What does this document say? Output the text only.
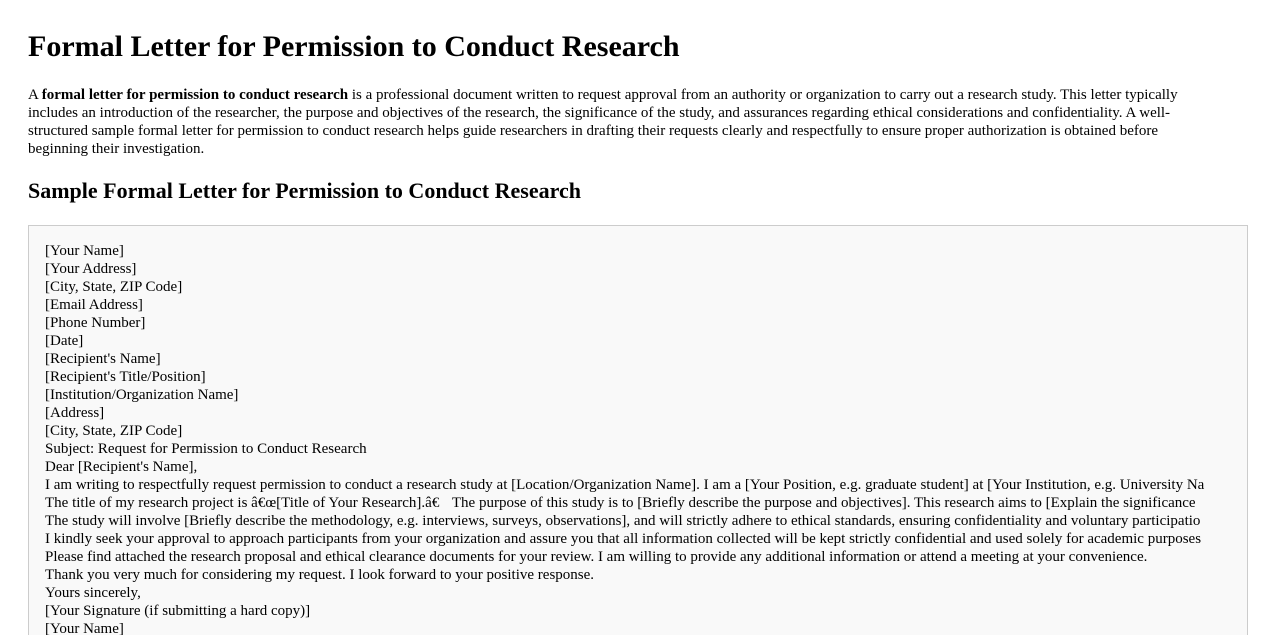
Formal Letter for Permission to Conduct Research

A formal letter for permission to conduct research is a professional document written to request approval from an authority or organization to carry out a research study. This letter typically includes an introduction of the researcher, the purpose and objectives of the research, the significance of the study, and assurances regarding ethical considerations and confidentiality. A well-structured sample formal letter for permission to conduct research helps guide researchers in drafting their requests clearly and respectfully to ensure proper authorization is obtained before beginning their investigation.

Sample Formal Letter for Permission to Conduct Research
[Your Name]
[Your Address]
[City, State, ZIP Code]
[Email Address]
[Phone Number]
[Date]
[Recipient's Name]
[Recipient's Title/Position]
[Institution/Organization Name]
[Address]
[City, State, ZIP Code]
Subject: Request for Permission to Conduct Research
Dear [Recipient's Name],
I am writing to respectfully request permission to conduct a research study at [Location/Organization Name]. I am a [Your Position, e.g. graduate student] at [Your Institution, e.g. University Na
The title of my research project is â€œ[Title of Your Research].â€ The purpose of this study is to [Briefly describe the purpose and objectives]. This research aims to [Explain the significance
The study will involve [Briefly describe the methodology, e.g. interviews, surveys, observations], and will strictly adhere to ethical standards, ensuring confidentiality and voluntary participatio
I kindly seek your approval to approach participants from your organization and assure you that all information collected will be kept strictly confidential and used solely for academic purposes
Please find attached the research proposal and ethical clearance documents for your review. I am willing to provide any additional information or attend a meeting at your convenience.
Thank you very much for considering my request. I look forward to your positive response.
Yours sincerely,
[Your Signature (if submitting a hard copy)]
[Your Name]
